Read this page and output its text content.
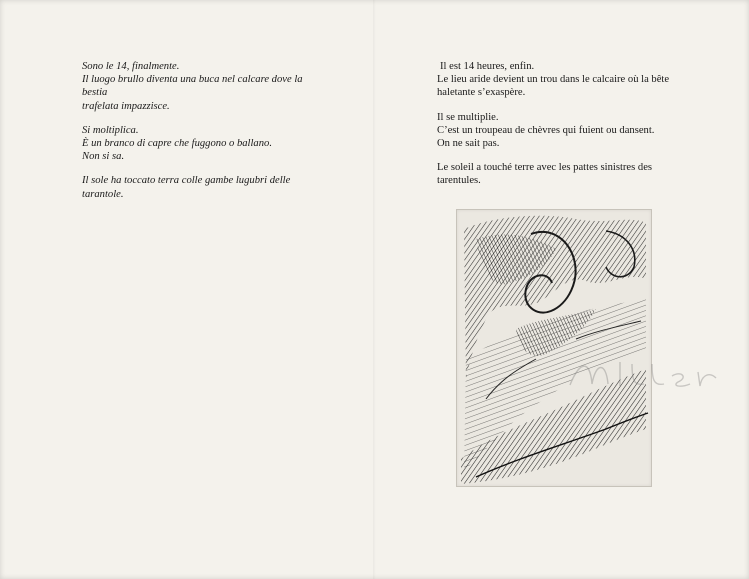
Sono le 14, finalmente.
Il luogo brullo diventa una buca nel calcare dove la bestia
trafelata impazzisce.

Si moltiplica.
È un branco di capre che fuggono o ballano.
Non si sa.

Il sole ha toccato terra colle gambe lugubri delle tarantole.

Il est 14 heures, enfin.
Le lieu aride devient un trou dans le calcaire où la bête
haletante s’exaspère.

Il se multiplie.
C’est un troupeau de chèvres qui fuient ou dansent.
On ne sait pas.

Le soleil a touché terre avec les pattes sinistres des
tarentules.
